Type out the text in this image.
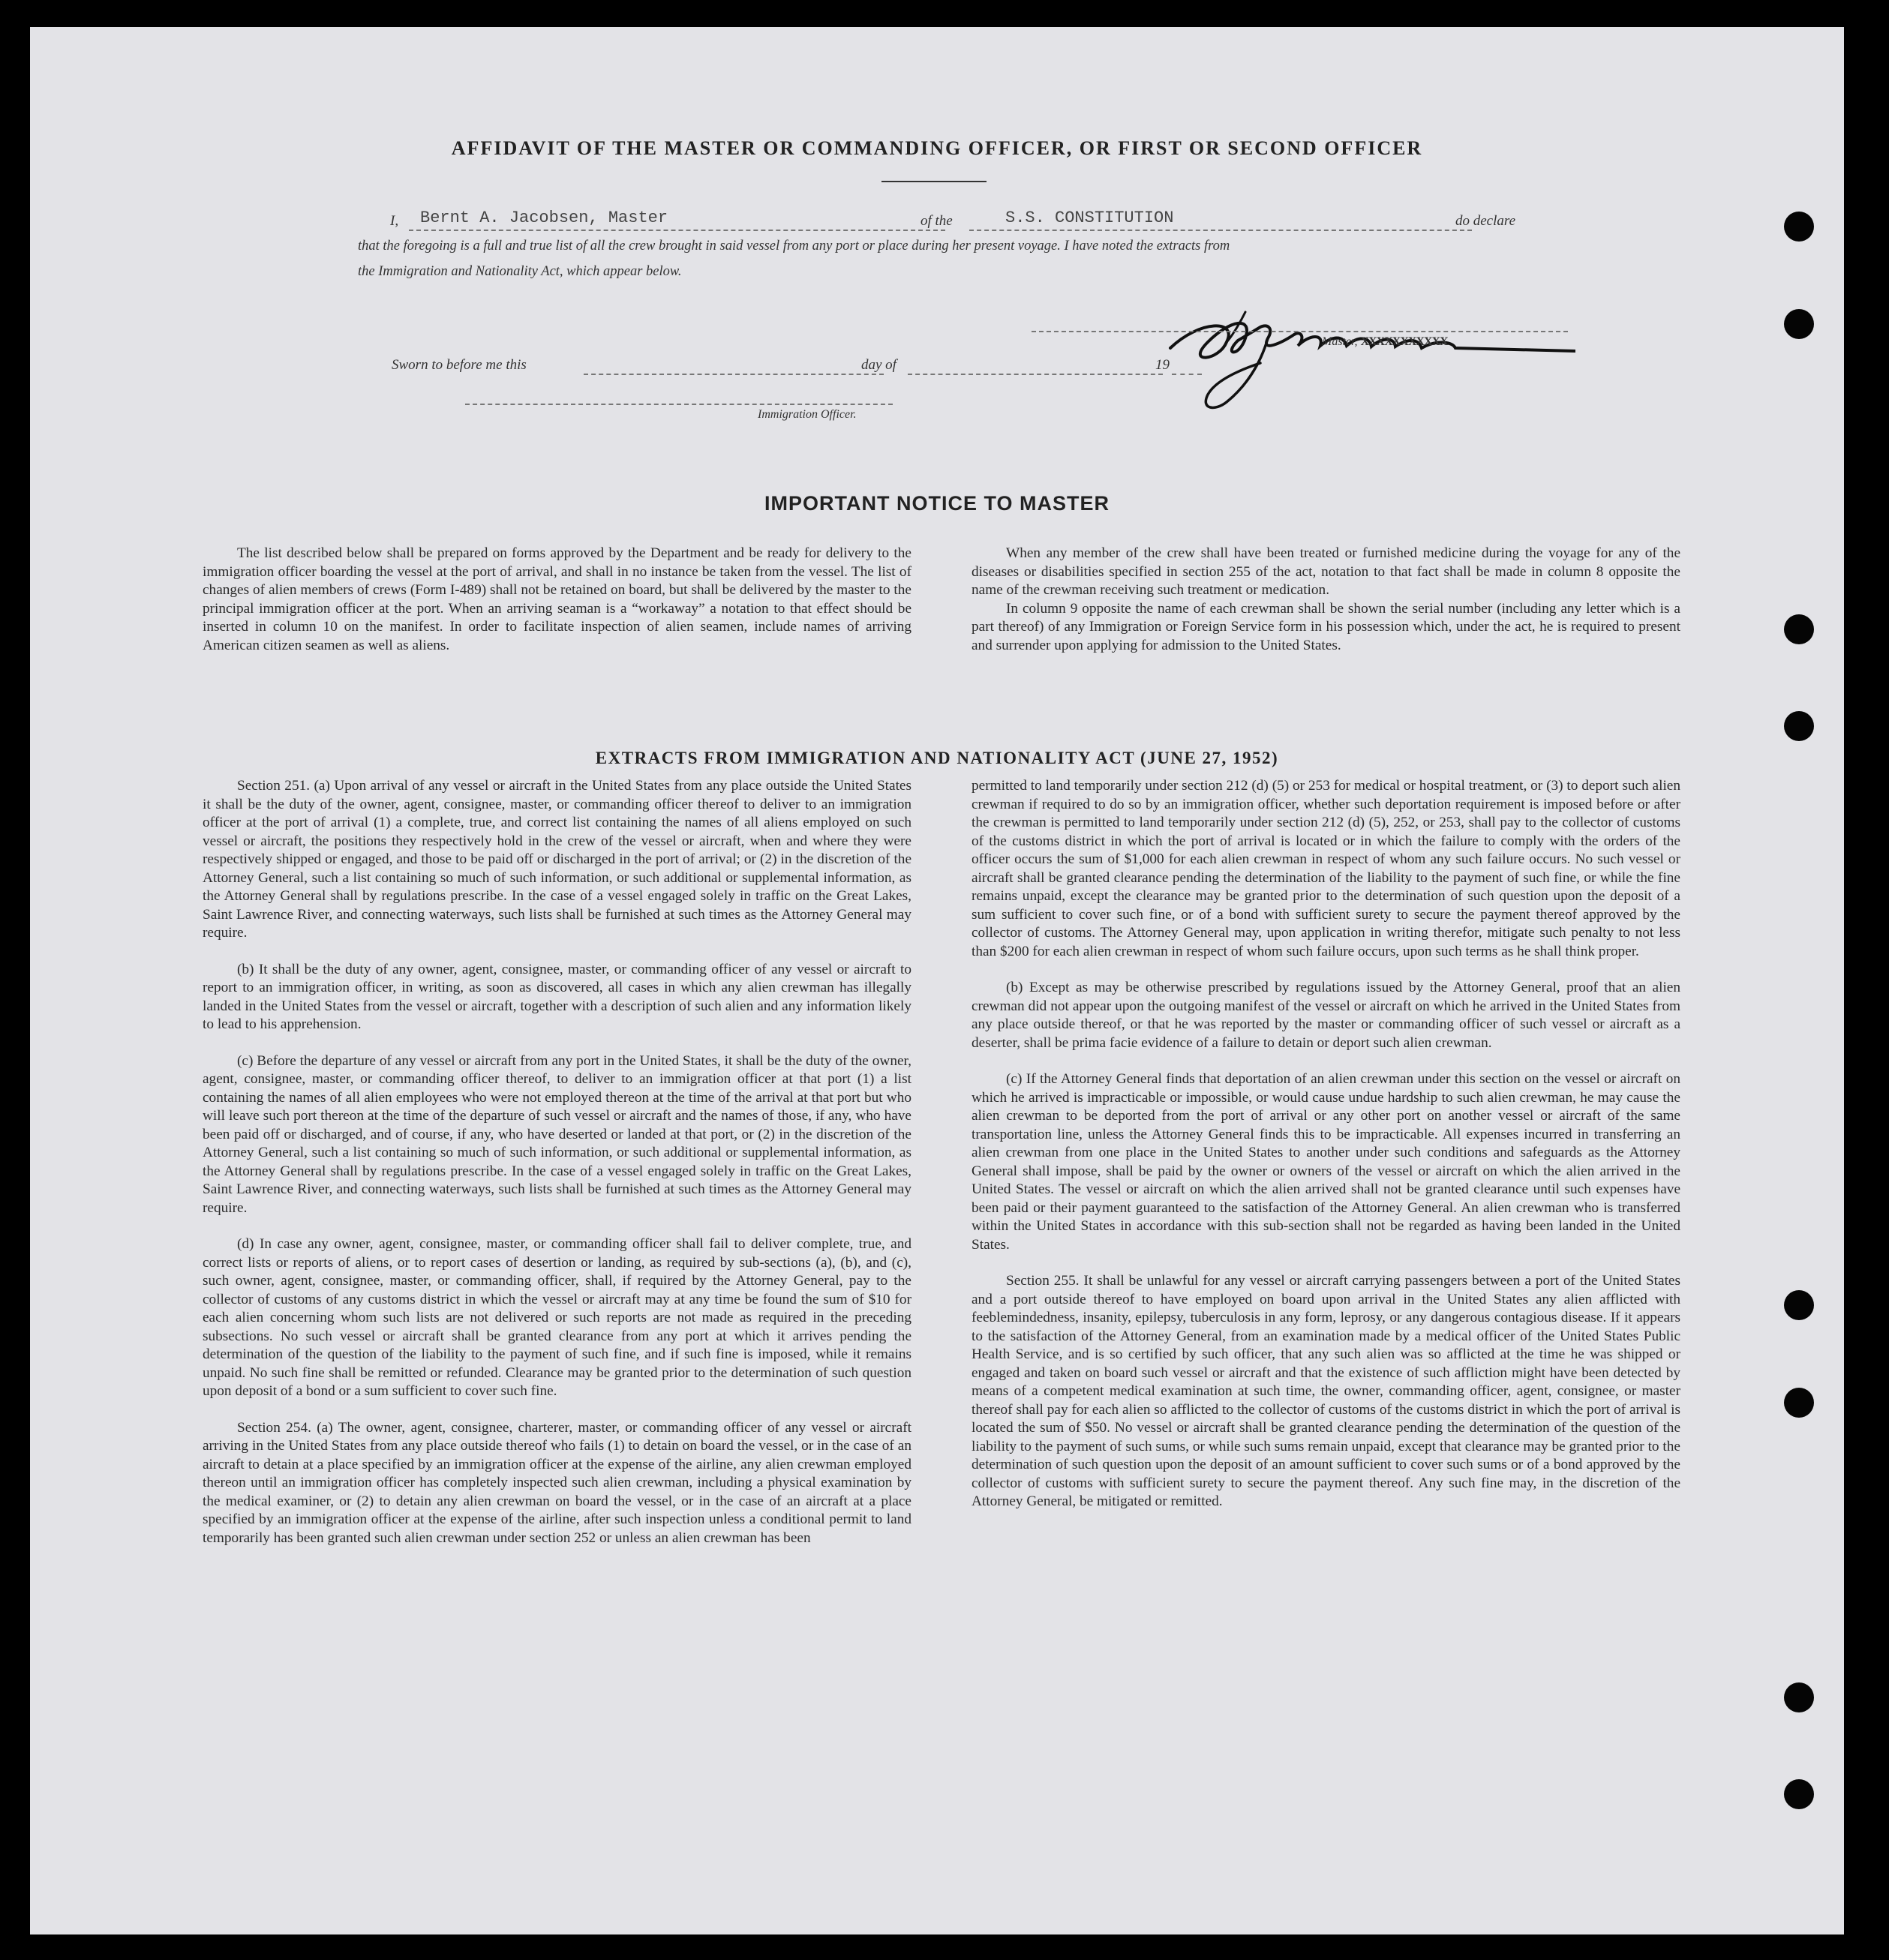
AFFIDAVIT OF THE MASTER OR COMMANDING OFFICER, OR FIRST OR SECOND OFFICER
I, Bernt A. Jacobsen, Master	of the	S.S. CONSTITUTION	do declare
that the foregoing is a full and true list of all the crew brought in said vessel from any port or place during her present voyage. I have noted the extracts from
the Immigration and Nationality Act, which appear below.
Master, XXXXXXXXXXX
Sworn to before me this	day of	19
Immigration Officer.
IMPORTANT NOTICE TO MASTER

The list described below shall be prepared on forms approved by the Department and be ready for delivery to the immigration officer boarding the vessel at the port of arrival, and shall in no instance be taken from the vessel. The list of changes of alien members of crews (Form I-489) shall not be retained on board, but shall be delivered by the master to the principal immigration officer at the port. When an arriving seaman is a “workaway” a notation to that effect should be inserted in column 10 on the manifest. In order to facilitate inspection of alien seamen, include names of arriving American citizen seamen as well as aliens.

When any member of the crew shall have been treated or furnished medicine during the voyage for any of the diseases or disabilities specified in section 255 of the act, notation to that fact shall be made in column 8 opposite the name of the crewman receiving such treatment or medication.

In column 9 opposite the name of each crewman shall be shown the serial number (including any letter which is a part thereof) of any Immigration or Foreign Service form in his possession which, under the act, he is required to present and surrender upon applying for admission to the United States.

EXTRACTS FROM IMMIGRATION AND NATIONALITY ACT (JUNE 27, 1952)

Section 251. (a) Upon arrival of any vessel or aircraft in the United States from any place outside the United States it shall be the duty of the owner, agent, consignee, master, or commanding officer thereof to deliver to an immigration officer at the port of arrival (1) a complete, true, and correct list containing the names of all aliens employed on such vessel or aircraft, the positions they respectively hold in the crew of the vessel or aircraft, when and where they were respectively shipped or engaged, and those to be paid off or discharged in the port of arrival; or (2) in the discretion of the Attorney General, such a list containing so much of such information, or such additional or supplemental information, as the Attorney General shall by regulations prescribe. In the case of a vessel engaged solely in traffic on the Great Lakes, Saint Lawrence River, and connecting waterways, such lists shall be furnished at such times as the Attorney General may require.

(b) It shall be the duty of any owner, agent, consignee, master, or commanding officer of any vessel or aircraft to report to an immigration officer, in writing, as soon as discovered, all cases in which any alien crewman has illegally landed in the United States from the vessel or aircraft, together with a description of such alien and any information likely to lead to his apprehension.

(c) Before the departure of any vessel or aircraft from any port in the United States, it shall be the duty of the owner, agent, consignee, master, or commanding officer thereof, to deliver to an immigration officer at that port (1) a list containing the names of all alien employees who were not employed thereon at the time of the arrival at that port but who will leave such port thereon at the time of the departure of such vessel or aircraft and the names of those, if any, who have been paid off or discharged, and of course, if any, who have deserted or landed at that port, or (2) in the discretion of the Attorney General, such a list containing so much of such information, or such additional or supplemental information, as the Attorney General shall by regulations prescribe. In the case of a vessel engaged solely in traffic on the Great Lakes, Saint Lawrence River, and connecting waterways, such lists shall be furnished at such times as the Attorney General may require.

(d) In case any owner, agent, consignee, master, or commanding officer shall fail to deliver complete, true, and correct lists or reports of aliens, or to report cases of desertion or landing, as required by sub-sections (a), (b), and (c), such owner, agent, consignee, master, or commanding officer, shall, if required by the Attorney General, pay to the collector of customs of any customs district in which the vessel or aircraft may at any time be found the sum of $10 for each alien concerning whom such lists are not delivered or such reports are not made as required in the preceding subsections. No such vessel or aircraft shall be granted clearance from any port at which it arrives pending the determination of the question of the liability to the payment of such fine, and if such fine is imposed, while it remains unpaid. No such fine shall be remitted or refunded. Clearance may be granted prior to the determination of such question upon deposit of a bond or a sum sufficient to cover such fine.

Section 254. (a) The owner, agent, consignee, charterer, master, or commanding officer of any vessel or aircraft arriving in the United States from any place outside thereof who fails (1) to detain on board the vessel, or in the case of an aircraft to detain at a place specified by an immigration officer at the expense of the airline, any alien crewman employed thereon until an immigration officer has completely inspected such alien crewman, including a physical examination by the medical examiner, or (2) to detain any alien crewman on board the vessel, or in the case of an aircraft at a place specified by an immigration officer at the expense of the airline, after such inspection unless a conditional permit to land temporarily has been granted such alien crewman under section 252 or unless an alien crewman has been

permitted to land temporarily under section 212 (d) (5) or 253 for medical or hospital treatment, or (3) to deport such alien crewman if required to do so by an immigration officer, whether such deportation requirement is imposed before or after the crewman is permitted to land temporarily under section 212 (d) (5), 252, or 253, shall pay to the collector of customs of the customs district in which the port of arrival is located or in which the failure to comply with the orders of the officer occurs the sum of $1,000 for each alien crewman in respect of whom any such failure occurs. No such vessel or aircraft shall be granted clearance pending the determination of the liability to the payment of such fine, or while the fine remains unpaid, except the clearance may be granted prior to the determination of such question upon the deposit of a sum sufficient to cover such fine, or of a bond with sufficient surety to secure the payment thereof approved by the collector of customs. The Attorney General may, upon application in writing therefor, mitigate such penalty to not less than $200 for each alien crewman in respect of whom such failure occurs, upon such terms as he shall think proper.

(b) Except as may be otherwise prescribed by regulations issued by the Attorney General, proof that an alien crewman did not appear upon the outgoing manifest of the vessel or aircraft on which he arrived in the United States from any place outside thereof, or that he was reported by the master or commanding officer of such vessel or aircraft as a deserter, shall be prima facie evidence of a failure to detain or deport such alien crewman.

(c) If the Attorney General finds that deportation of an alien crewman under this section on the vessel or aircraft on which he arrived is impracticable or impossible, or would cause undue hardship to such alien crewman, he may cause the alien crewman to be deported from the port of arrival or any other port on another vessel or aircraft of the same transportation line, unless the Attorney General finds this to be impracticable. All expenses incurred in transferring an alien crewman from one place in the United States to another under such conditions and safeguards as the Attorney General shall impose, shall be paid by the owner or owners of the vessel or aircraft on which the alien arrived in the United States. The vessel or aircraft on which the alien arrived shall not be granted clearance until such expenses have been paid or their payment guaranteed to the satisfaction of the Attorney General. An alien crewman who is transferred within the United States in accordance with this sub-section shall not be regarded as having been landed in the United States.

Section 255. It shall be unlawful for any vessel or aircraft carrying passengers between a port of the United States and a port outside thereof to have employed on board upon arrival in the United States any alien afflicted with feeblemindedness, insanity, epilepsy, tuberculosis in any form, leprosy, or any dangerous contagious disease. If it appears to the satisfaction of the Attorney General, from an examination made by a medical officer of the United States Public Health Service, and is so certified by such officer, that any such alien was so afflicted at the time he was shipped or engaged and taken on board such vessel or aircraft and that the existence of such affliction might have been detected by means of a competent medical examination at such time, the owner, commanding officer, agent, consignee, or master thereof shall pay for each alien so afflicted to the collector of customs of the customs district in which the port of arrival is located the sum of $50. No vessel or aircraft shall be granted clearance pending the determination of the question of the liability to the payment of such sums, or while such sums remain unpaid, except that clearance may be granted prior to the determination of such question upon the deposit of an amount sufficient to cover such sums or of a bond approved by the collector of customs with sufficient surety to secure the payment thereof. Any such fine may, in the discretion of the Attorney General, be mitigated or remitted.
